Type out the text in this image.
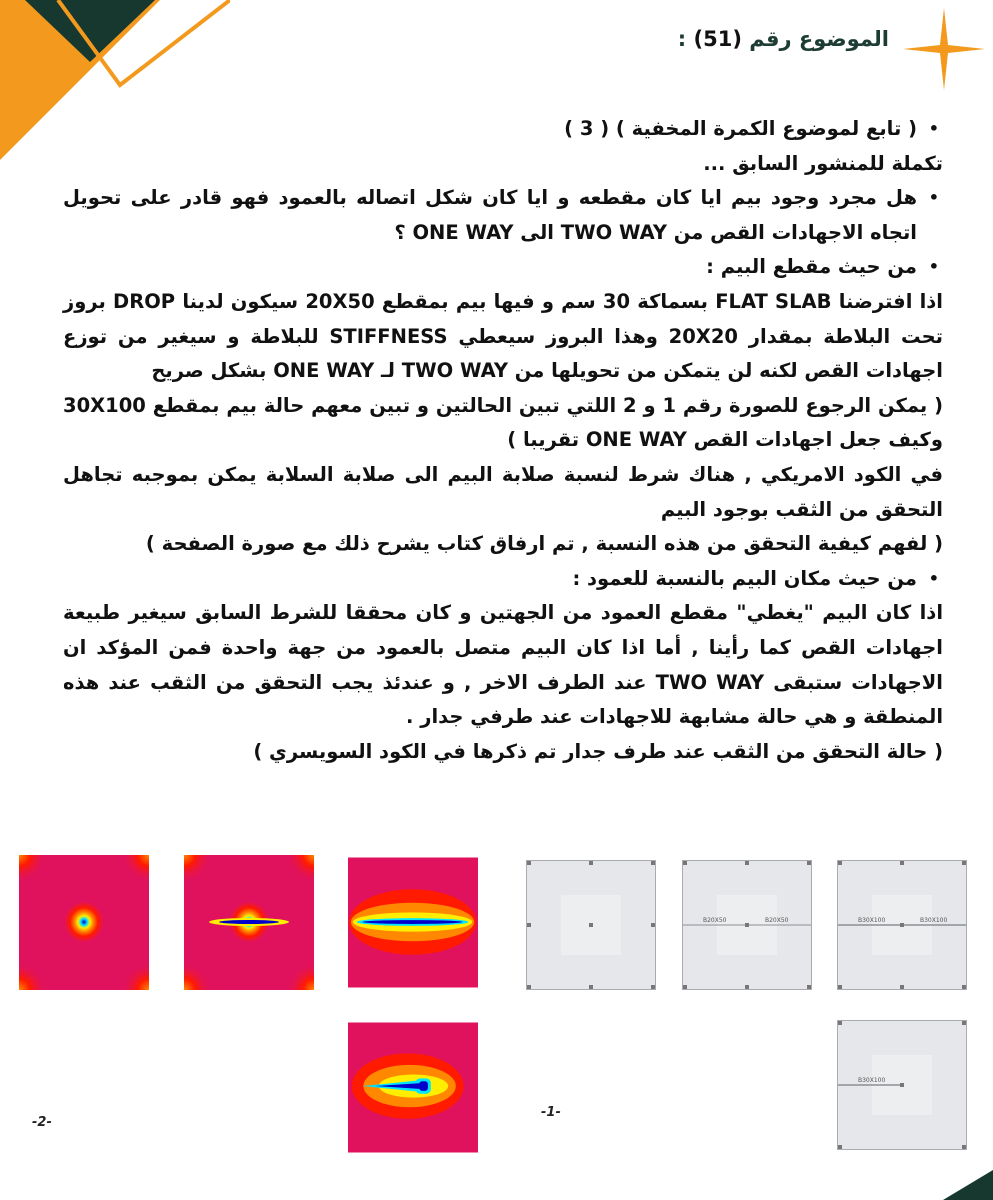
الموضوع رقم (51) :

• ( تابع لموضوع الكمرة المخفية ) ( 3 )

تكملة للمنشور السابق ...

• هل مجرد وجود بيم ايا كان مقطعه و ايا كان شكل اتصاله بالعمود فهو قادر على تحويل اتجاه الاجهادات القص من TWO WAY الى ONE WAY ؟

• من حيث مقطع البيم :

اذا افترضنا FLAT SLAB بسماكة 30 سم و فيها بيم بمقطع 20X50 سيكون لدينا DROP بروز تحت البلاطة بمقدار 20X20 وهذا البروز سيعطي STIFFNESS للبلاطة و سيغير من توزع اجهادات القص لكنه لن يتمكن من تحويلها من TWO WAY لـ ONE WAY بشكل صريح

( يمكن الرجوع للصورة رقم 1 و 2 اللتي تبين الحالتين و تبين معهم حالة بيم بمقطع 30X100 وكيف جعل اجهادات القص ONE WAY تقريبا )

في الكود الامريكي , هناك شرط لنسبة صلابة البيم الى صلابة السلابة يمكن بموجبه تجاهل التحقق من الثقب بوجود البيم

( لفهم كيفية التحقق من هذه النسبة , تم ارفاق كتاب يشرح ذلك مع صورة الصفحة )

• من حيث مكان البيم بالنسبة للعمود :

اذا كان البيم "يغطي" مقطع العمود من الجهتين و كان محققا للشرط السابق سيغير طبيعة اجهادات القص كما رأينا , أما اذا كان البيم متصل بالعمود من جهة واحدة فمن المؤكد ان الاجهادات ستبقى TWO WAY عند الطرف الاخر , و عندئذ يجب التحقق من الثقب عند هذه المنطقة و هي حالة مشابهة للاجهادات عند طرفي جدار .

( حالة التحقق من الثقب عند طرف جدار تم ذكرها في الكود السويسري )

-2-
B20X50	B20X50	B30X100	B30X100
B30X100
-1-
